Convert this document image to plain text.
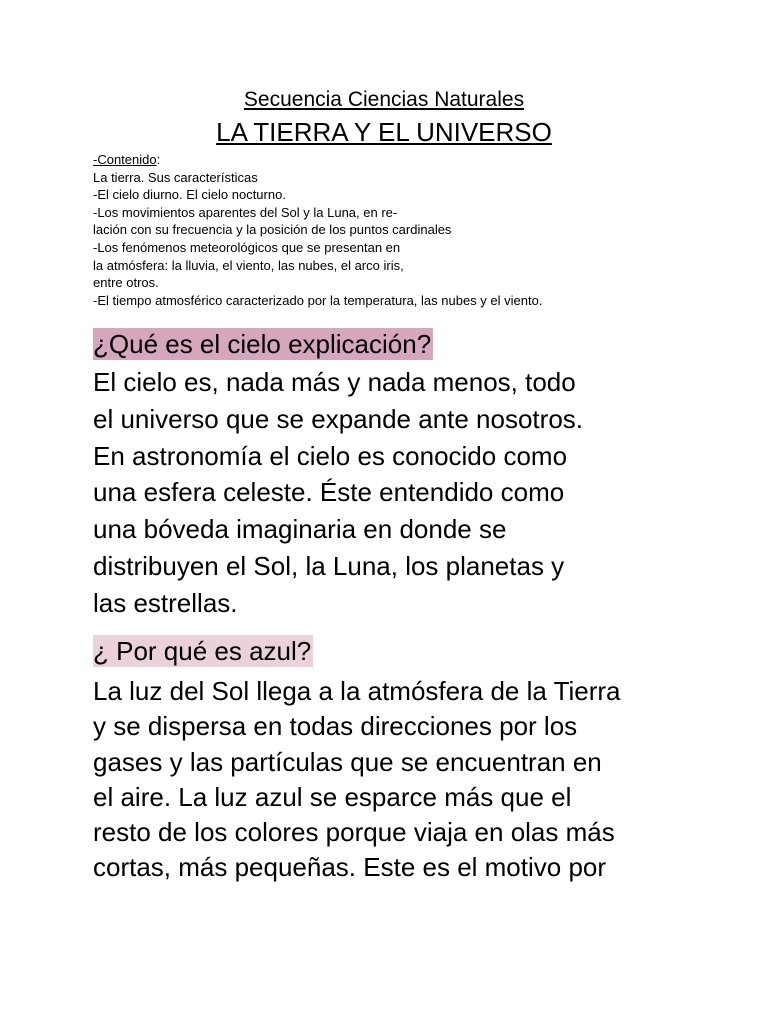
Secuencia Ciencias Naturales
LA TIERRA Y EL UNIVERSO
-Contenido:
La tierra. Sus características
-El cielo diurno. El cielo nocturno.
-Los movimientos aparentes del Sol y la Luna, en re-
lación con su frecuencia y la posición de los puntos cardinales
-Los fenómenos meteorológicos que se presentan en
la atmósfera: la lluvia, el viento, las nubes, el arco iris,
entre otros.
-El tiempo atmosférico caracterizado por la temperatura, las nubes y el viento.
¿Qué es el cielo explicación?
El cielo es, nada más y nada menos, todo
el universo que se expande ante nosotros.
En astronomía el cielo es conocido como
una esfera celeste. Éste entendido como
una bóveda imaginaria en donde se
distribuyen el Sol, la Luna, los planetas y
las estrellas.
¿ Por qué es azul?
La luz del Sol llega a la atmósfera de la Tierra
y se dispersa en todas direcciones por los
gases y las partículas que se encuentran en
el aire. La luz azul se esparce más que el
resto de los colores porque viaja en olas más
cortas, más pequeñas. Este es el motivo por
